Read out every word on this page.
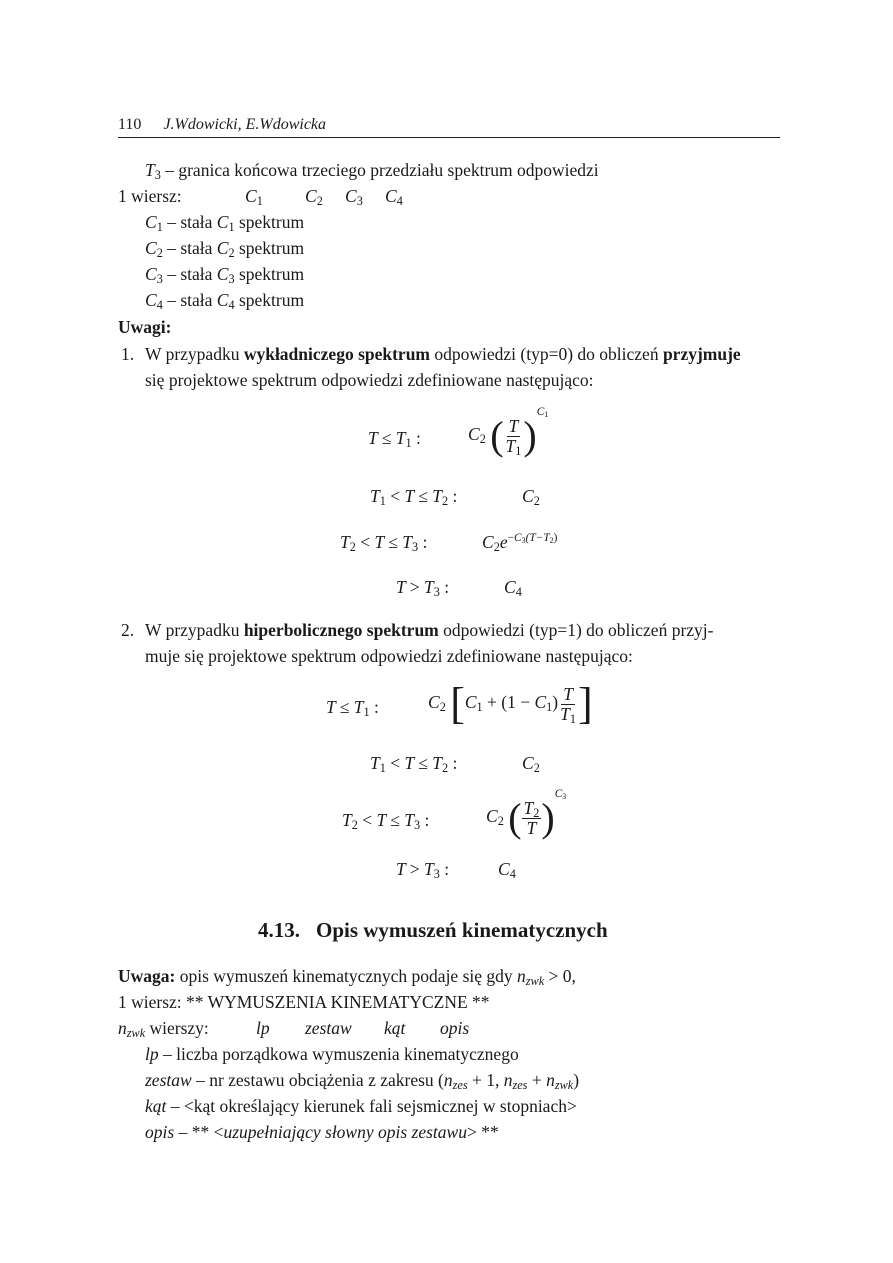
110 J.Wdowicki, E.Wdowicka
$T_3$ – granica końcowa trzeciego przedziału spektrum odpowiedzi
1 wiersz:	$C_1$ $C_2$ $C_3$ $C_4$
$C_1$ – stała $C_1$ spektrum
$C_2$ – stała $C_2$ spektrum
$C_3$ – stała $C_3$ spektrum
$C_4$ – stała $C_4$ spektrum
Uwagi:
1. W przypadku wykładniczego spektrum odpowiedzi (typ=0) do obliczeń przyjmuje
się projektowe spektrum odpowiedzi zdefiniowane następująco:
$T \le T_1$ :	$C_2$ ( $\frac{T}{T_1} )^{C_1}$
$T_1 < T \le T_2$ :	$C_2$
$T_2 < T \le T_3$ :	$C_2e^{-C_3(T-T_2)}$
$T > T_3$ :	$C_4$
2. W przypadku hiperbolicznego spektrum odpowiedzi (typ=1) do obliczeń przyj-
muje się projektowe spektrum odpowiedzi zdefiniowane następująco:
$T \le T_1$ :	$C_2$ [$C_1 + (1 - C_1) \frac{T}{T_1}$ ]
$T_1 < T \le T_2$ :	$C_2$
$T_2 < T \le T_3$ :	$C_2$ ( $\frac{T_2}{T} )^{C_3}$
$T > T_3$ :	$C_4$
4.13. Opis wymuszeń kinematycznych
Uwaga: opis wymuszeń kinematycznych podaje się gdy $n_{zwk} > 0$,
1 wiersz: ** WYMUSZENIA KINEMATYCZNE **
$n_{zwk}$ wierszy:	lp zestaw kąt opis
lp – liczba porządkowa wymuszenia kinematycznego
zestaw – nr zestawu obciążenia z zakresu ($n_{zes} + 1$, $n_{zes} + n_{zwk}$)
kąt – <kąt określający kierunek fali sejsmicznej w stopniach>
opis – ** <uzupełniający słowny opis zestawu> **
